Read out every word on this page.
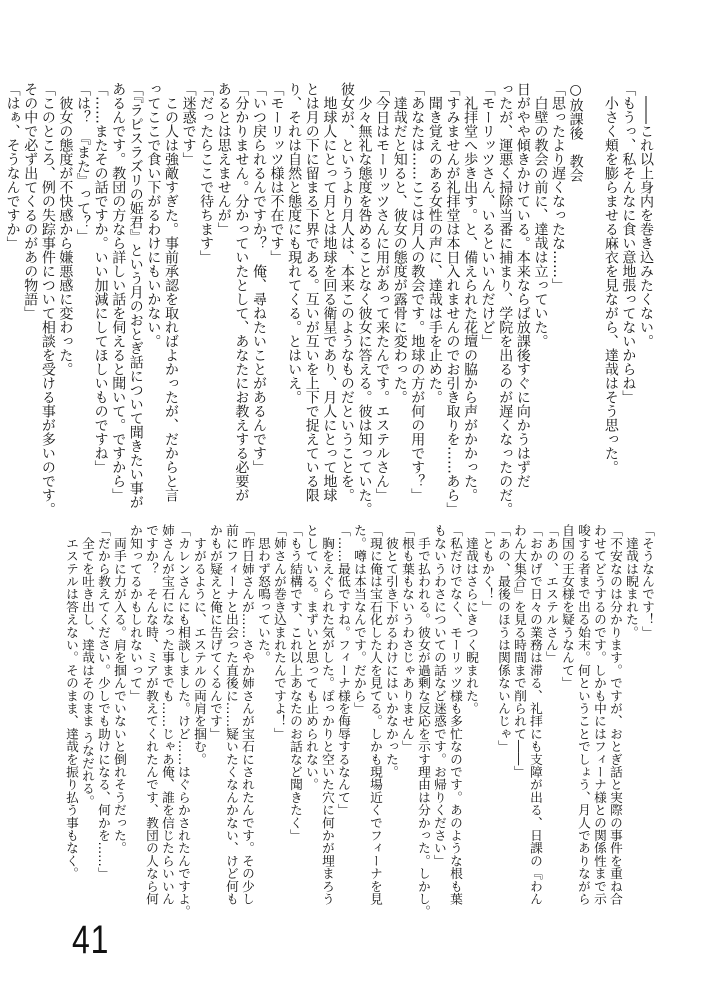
　――これ以上身内を巻き込みたくない。
「もうっ、私そんなに食い意地張ってないからね」
　小さく頬を膨らませる麻衣を見ながら、達哉はそう思った。
○放課後　教会
「思ったより遅くなったな……」
　白壁の教会の前に、達哉は立っていた。
日がやや傾きかけている。本来ならば放課後すぐに向かうはずだ
ったが、運悪く掃除当番に捕まり、学院を出るのが遅くなったのだ。
「モーリッツさん、いるといいんだけど」
　礼拝堂へ歩き出す。と、備えられた花壇の脇から声がかかった。
「すみませんが礼拝堂は本日入れませんのでお引き取りを……あら」
　聞き覚えのある女性の声に、達哉は手を止めた。
「あなたは……ここは月人の教会です。地球の方が何の用です？」
　達哉だと知ると、彼女の態度が露骨に変わった。
「今日はモーリッツさんに用があって来たんです。エステルさん」
　少々無礼な態度を咎めることなく彼女に答える。彼は知っていた。
彼女が、というより月人は、本来このようなものだということを。
　地球人にとって月とは地球を回る衛星であり、月人にとって地球
とは月の下に留まる下界である。互いが互いを上下で捉えている限
り、それは自然と態度にも現れてくる。とはいえ。
「モーリッツ様は不在です」
「いつ戻られるんですか？　俺、尋ねたいことがあるんです」
「分かりません。分かっていたとして、あなたにお教えする必要が
あるとは思えませんが」
「だったらここで待ちます」
「迷惑です」
　この人は強敵すぎた。事前承認を取ればよかったが、だからと言
ってここで食い下がるわけにもいかない。
「『ラピスラズリの姫君』という月のおとぎ話について聞きたい事が
あるんです。教団の方なら詳しい話を伺えると聞いて。ですから」
「……またその話ですか。いい加減にしてほしいものですね」
「は？　『また』って？」
　彼女の態度が不快感から嫌悪感に変わった。
「このところ、例の失踪事件について相談を受ける事が多いのです。
その中で必ず出てくるのがあの物語」
「はぁ、そうなんですか」
「そうなんです！」
　達哉は睨まれた。
「不安なのは分かります。ですが、おとぎ話と実際の事件を重ね合
わせてどうするのです。しかも中にはフィーナ様との関係性まで示
唆する者まで出る始末。何ということでしょう、月人でありながら
自国の王女様を疑うなんて」
「あの、エステルさん」
「おかげで日々の業務は滞る、礼拝にも支障が出る、日課の『わん
わん大集合』を見る時間まで削られて――」
「あの、最後のほうは関係ないんじゃ」
「ともかく！」
　達哉はさらにきつく睨まれた。
「私だけでなく、モーリッツ様も多忙なのです。あのような根も葉
もないうわさについての話など迷惑です。お帰りください」
　手で払われる。彼女が過剰な反応を示す理由は分かった。しかし。
「根も葉もないうわさじゃありません」
　彼とて引き下がるわけにはいかなかった。
「現に俺は宝石化した人を見てる。しかも現場近くでフィーナを見
た。噂は本当なんです。だから」
「……最低ですね。フィーナ様を侮辱するなんて」
　胸をえぐられた気がした。ぽっかりと空いた穴に何かが埋まろう
としている。まずいと思っても止められない。
「もう結構です、これ以上あなたのお話など聞きたく」
「姉さんが巻き込まれたんですよ！」
　思わず怒鳴っていた。
「昨日姉さんが……さやか姉さんが宝石にされたんです。その少し
前にフィーナと出会った直後に……疑いたくなんかない、けど何も
かもが疑えと俺に告げてくるんです」
　すがるように、エステルの両肩を掴む。
「カレンさんにも相談しました。けど……はぐらかされたんですよ。
姉さんが宝石になった事までも……じゃあ俺、誰を信じたらいいん
ですか？　そんな時、ミアが教えてくれたんです、教団の人なら何
か知ってるかもしれないって」
　両手に力が入る。肩を掴んでいないと倒れそうだった。
「だから教えてください。少しでも助けになる、何かを……」
　全てを吐き出し、達哉はそのまま うなだれる。
　エステルは答えない。そのまま、達哉を振り払う事もなく。
41
